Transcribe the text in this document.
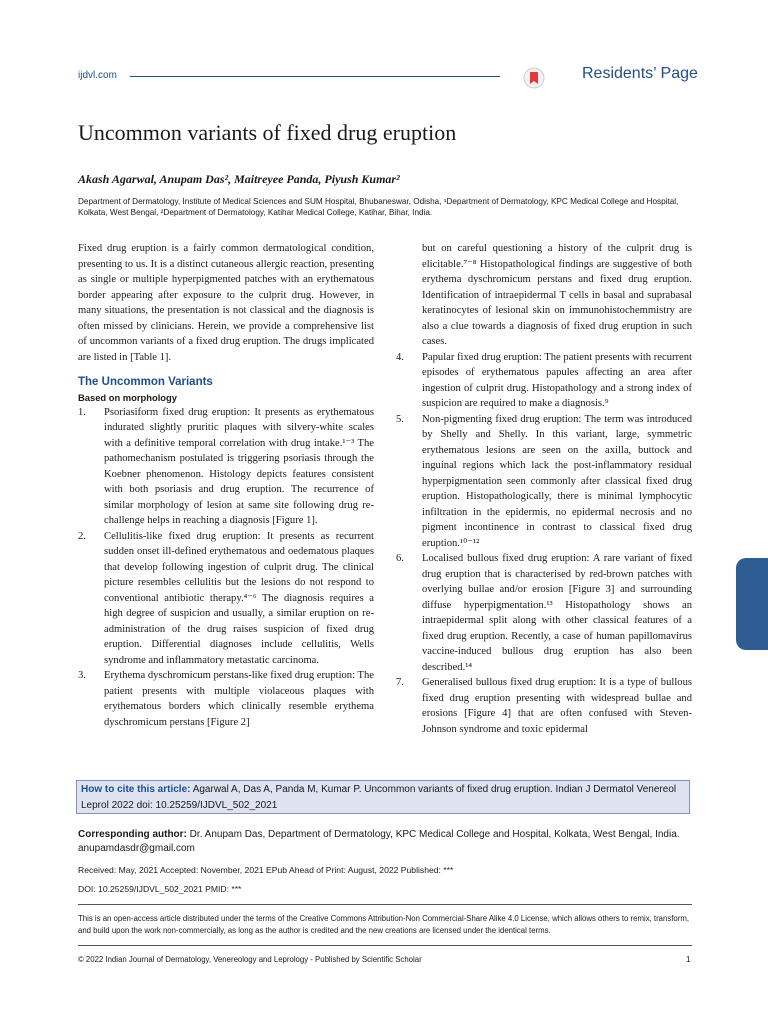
ijdvl.com	Residents’ Page
Uncommon variants of fixed drug eruption
Akash Agarwal, Anupam Das², Maitreyee Panda, Piyush Kumar²
Department of Dermatology, Institute of Medical Sciences and SUM Hospital, Bhubaneswar, Odisha, ¹Department of Dermatology, KPC Medical College and Hospital, Kolkata, West Bengal, ²Department of Dermatology, Katihar Medical College, Katihar, Bihar, India.

Fixed drug eruption is a fairly common dermatological condition, presenting to us. It is a distinct cutaneous allergic reaction, presenting as single or multiple hyperpigmented patches with an erythematous border appearing after exposure to the culprit drug. However, in many situations, the presentation is not classical and the diagnosis is often missed by clinicians. Herein, we provide a comprehensive list of uncommon variants of a fixed drug eruption. The drugs implicated are listed in [Table 1].

The Uncommon Variants

Based on morphology

1. Psoriasiform fixed drug eruption: It presents as erythematous indurated slightly pruritic plaques with silvery-white scales with a definitive temporal correlation with drug intake.¹⁻³ The pathomechanism postulated is triggering psoriasis through the Koebner phenomenon. Histology depicts features consistent with both psoriasis and drug eruption. The recurrence of similar morphology of lesion at same site following drug re-challenge helps in reaching a diagnosis [Figure 1].
2. Cellulitis-like fixed drug eruption: It presents as recurrent sudden onset ill-defined erythematous and oedematous plaques that develop following ingestion of culprit drug. The clinical picture resembles cellulitis but the lesions do not respond to conventional antibiotic therapy.⁴⁻⁶ The diagnosis requires a high degree of suspicion and usually, a similar eruption on re-administration of the drug raises suspicion of fixed drug eruption. Differential diagnoses include cellulitis, Wells syndrome and inflammatory metastatic carcinoma.
3. Erythema dyschromicum perstans-like fixed drug eruption: The patient presents with multiple violaceous plaques with erythematous borders which clinically resemble erythema dyschromicum perstans [Figure 2]

but on careful questioning a history of the culprit drug is elicitable.⁷⁻⁸ Histopathological findings are suggestive of both erythema dyschromicum perstans and fixed drug eruption. Identification of intraepidermal T cells in basal and suprabasal keratinocytes of lesional skin on immunohistochemmistry are also a clue towards a diagnosis of fixed drug eruption in such cases.

4. Papular fixed drug eruption: The patient presents with recurrent episodes of erythematous papules affecting an area after ingestion of culprit drug. Histopathology and a strong index of suspicion are required to make a diagnosis.⁹
5. Non-pigmenting fixed drug eruption: The term was introduced by Shelly and Shelly. In this variant, large, symmetric erythematous lesions are seen on the axilla, buttock and inguinal regions which lack the post-inflammatory residual hyperpigmentation seen commonly after classical fixed drug eruption. Histopathologically, there is minimal lymphocytic infiltration in the epidermis, no epidermal necrosis and no pigment incontinence in contrast to classical fixed drug eruption.¹⁰⁻¹²
6. Localised bullous fixed drug eruption: A rare variant of fixed drug eruption that is characterised by red-brown patches with overlying bullae and/or erosion [Figure 3] and surrounding diffuse hyperpigmentation.¹³ Histopathology shows an intraepidermal split along with other classical features of a fixed drug eruption. Recently, a case of human papillomavirus vaccine-induced bullous drug eruption has also been described.¹⁴
7. Generalised bullous fixed drug eruption: It is a type of bullous fixed drug eruption presenting with widespread bullae and erosions [Figure 4] that are often confused with Steven-Johnson syndrome and toxic epidermal
How to cite this article: Agarwal A, Das A, Panda M, Kumar P. Uncommon variants of fixed drug eruption. Indian J Dermatol Venereol Leprol 2022 doi: 10.25259/IJDVL_502_2021
Corresponding author: Dr. Anupam Das, Department of Dermatology, KPC Medical College and Hospital, Kolkata, West Bengal, India. anupamdasdr@gmail.com
Received: May, 2021 Accepted: November, 2021 EPub Ahead of Print: August, 2022 Published: ***
DOI: 10.25259/IJDVL_502_2021 PMID: ***
This is an open-access article distributed under the terms of the Creative Commons Attribution-Non Commercial-Share Alike 4.0 License, which allows others to remix, transform, and build upon the work non-commercially, as long as the author is credited and the new creations are licensed under the identical terms.
© 2022 Indian Journal of Dermatology, Venereology and Leprology - Published by Scientific Scholar	1
